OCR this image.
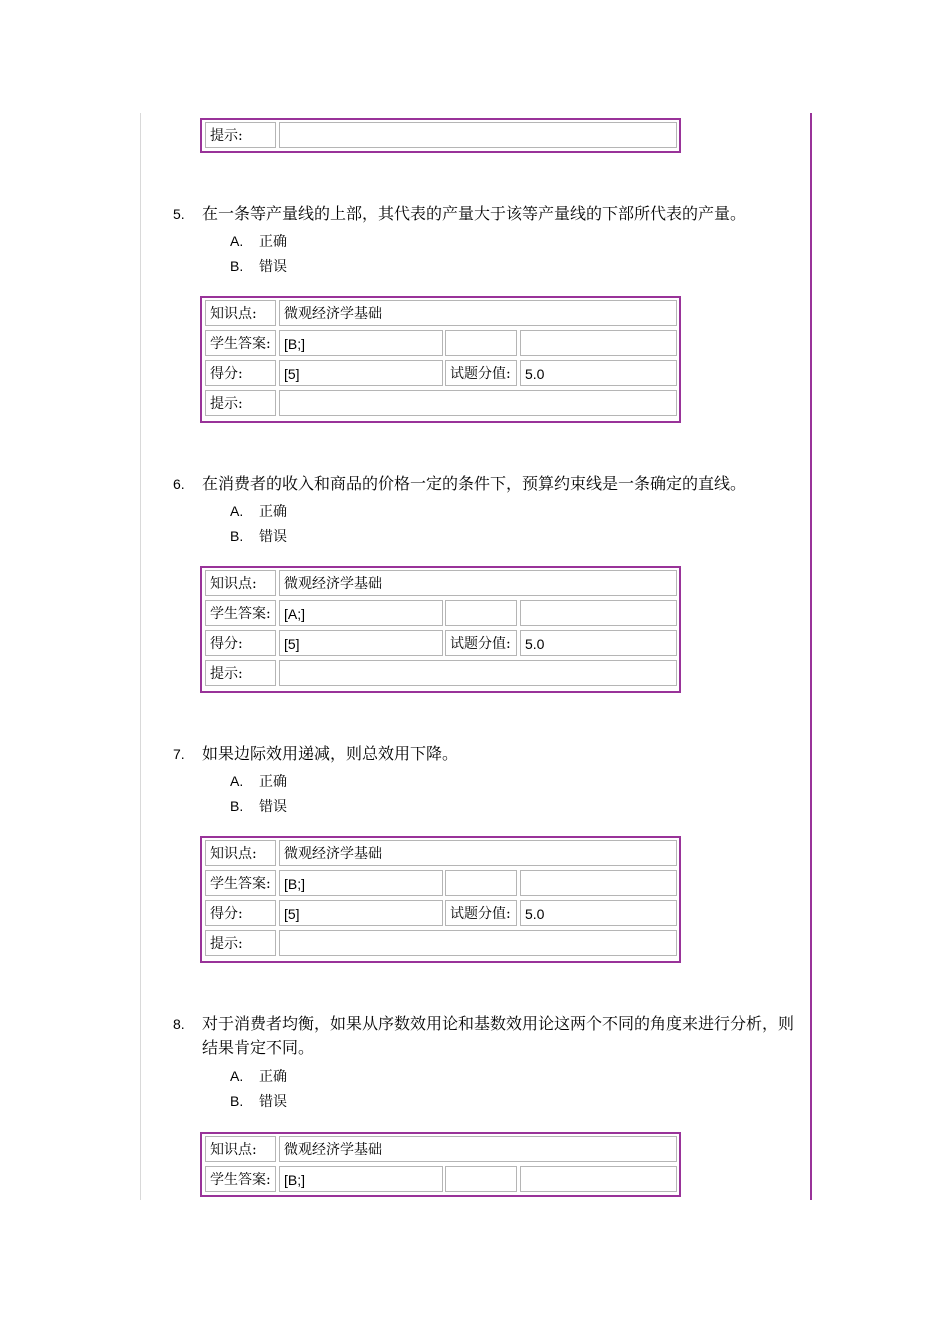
提示:
5. 在一条等产量线的上部，其代表的产量大于该等产量线的下部所代表的产量。
A. 正确
B. 错误
知识点:	微观经济学基础
学生答案: [B;]
得分:	[5]	试题分值:	5.0
提示:
6. 在消费者的收入和商品的价格一定的条件下，预算约束线是一条确定的直线。
A. 正确
B. 错误
知识点:	微观经济学基础
学生答案: [A;]
得分:	[5]	试题分值:	5.0
提示:
7. 如果边际效用递减，则总效用下降。
A. 正确
B. 错误
知识点:	微观经济学基础
学生答案: [B;]
得分:	[5]	试题分值:	5.0
提示:
8. 对于消费者均衡，如果从序数效用论和基数效用论这两个不同的角度来进行分析，则结果肯定不同。
A. 正确
B. 错误
知识点:	微观经济学基础
学生答案: [B;]
